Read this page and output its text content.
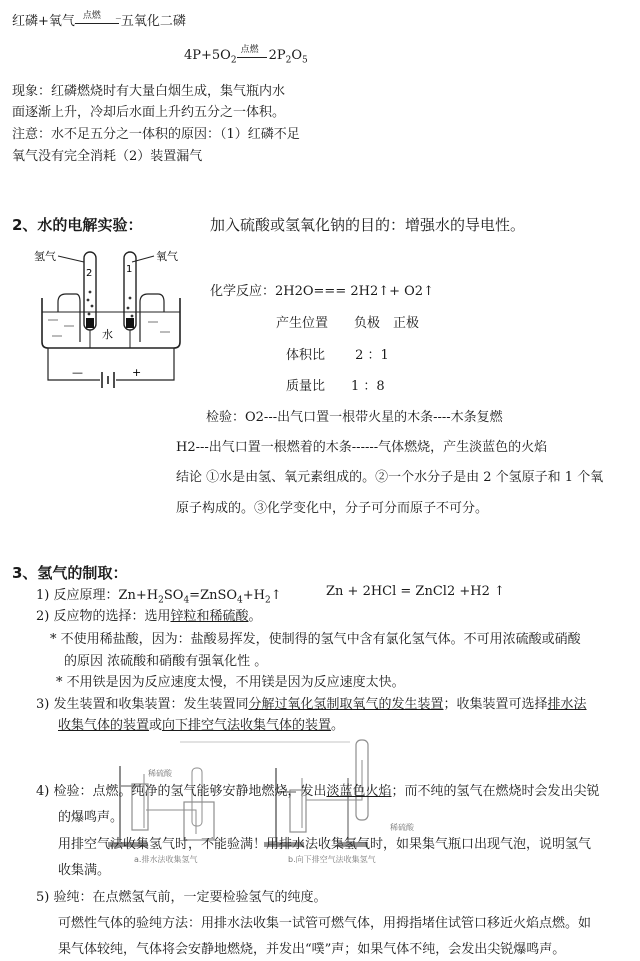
红磷+氧气 点燃
‾ 五氧化二磷
$4P+5O_2$
点燃 $2P_2O_5$
现象：红磷燃烧时有大量白烟生成，集气瓶内水
面逐渐上升，冷却后水面上升约五分之一体积。
注意：水不足五分之一体积的原因：（1）红磷不足
氧气没有完全消耗（2）装置漏气
2、水的电解实验：	加入硫酸或氢氧化钠的目的：增强水的导电性。
氢气	氧气
2	1
水
—	+
化学反应：2H2O=== 2H2↑+ O2↑
产生位置　　负极　正极
体积比　　 2 ：1
质量比　　1 ：8
检验：O2---出气口置一根带火星的木条----木条复燃
H2---出气口置一根燃着的木条------气体燃烧，产生淡蓝色的火焰
结论 ①水是由氢、氧元素组成的。②一个水分子是由 2 个氢原子和 1 个氧
原子构成的。③化学变化中，分子可分而原子不可分。
3、氢气的制取：
1) 反应原理：$Zn+H_2SO_4=ZnSO_4+H_2↑$	Zn + 2HCl = ZnCl2 +H2 ↑
2) 反应物的选择：选用锌粒和稀硫酸。
* 不使用稀盐酸，因为：盐酸易挥发，使制得的氢气中含有氯化氢气体。不可用浓硫酸或硝酸
的原因 浓硫酸和硝酸有强氧化性 。
* 不用铁是因为反应速度太慢，不用镁是因为反应速度太快。
3) 发生装置和收集装置：发生装置同分解过氧化氢制取氧气的发生装置；收集装置可选择排水法
收集气体的装置或向下排空气法收集气体的装置。
稀硫酸
a.排水法收集氢气
稀硫酸
b.向下排空气法收集氢气
4) 检验：点燃。纯净的氢气能够安静地燃烧，发出淡蓝色火焰；而不纯的氢气在燃烧时会发出尖锐
的爆鸣声。
用排空气法收集氢气时，不能验满！用排水法收集氢气时，如果集气瓶口出现气泡，说明氢气
收集满。
5) 验纯：在点燃氢气前，一定要检验氢气的纯度。
可燃性气体的验纯方法：用排水法收集一试管可燃气体，用拇指堵住试管口移近火焰点燃。如
果气体较纯，气体将会安静地燃烧，并发出“噗”声；如果气体不纯，会发出尖锐爆鸣声。
